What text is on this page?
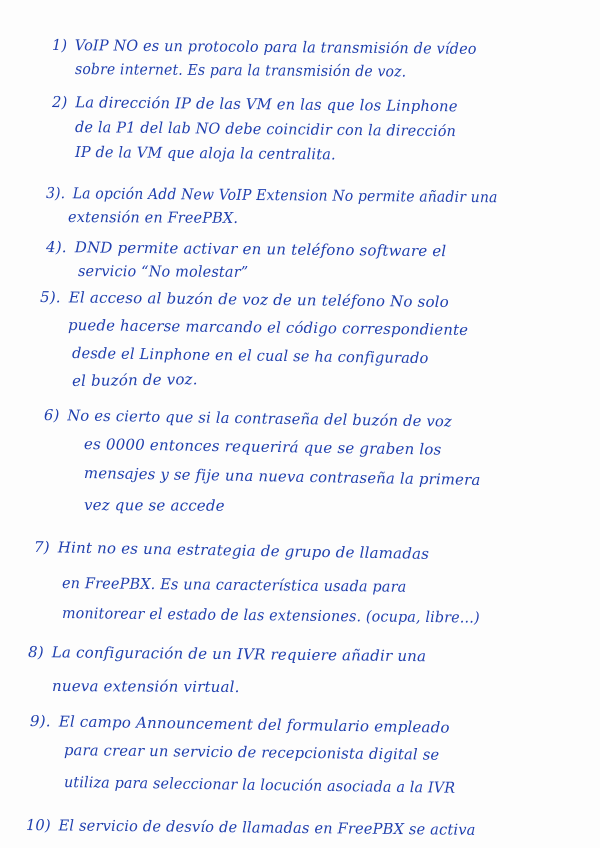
1) VoIP NO es un protocolo para la transmisión de vídeo
sobre internet. Es para la transmisión de voz.
2) La dirección IP de las VM en las que los Linphone
de la P1 del lab NO debe coincidir con la dirección
IP de la VM que aloja la centralita.
3). La opción Add New VoIP Extension No permite añadir una
extensión en FreePBX.
4). DND permite activar en un teléfono software el
servicio “No molestar”
5). El acceso al buzón de voz de un teléfono No solo
puede hacerse marcando el código correspondiente
desde el Linphone en el cual se ha configurado
el buzón de voz.
6) No es cierto que si la contraseña del buzón de voz
es 0000 entonces requerirá que se graben los
mensajes y se fije una nueva contraseña la primera
vez que se accede
7) Hint no es una estrategia de grupo de llamadas
en FreePBX. Es una característica usada para
monitorear el estado de las extensiones. (ocupa, libre...)
8) La configuración de un IVR requiere añadir una
nueva extensión virtual.
9). El campo Announcement del formulario empleado
para crear un servicio de recepcionista digital se
utiliza para seleccionar la locución asociada a la IVR
10) El servicio de desvío de llamadas en FreePBX se activa
